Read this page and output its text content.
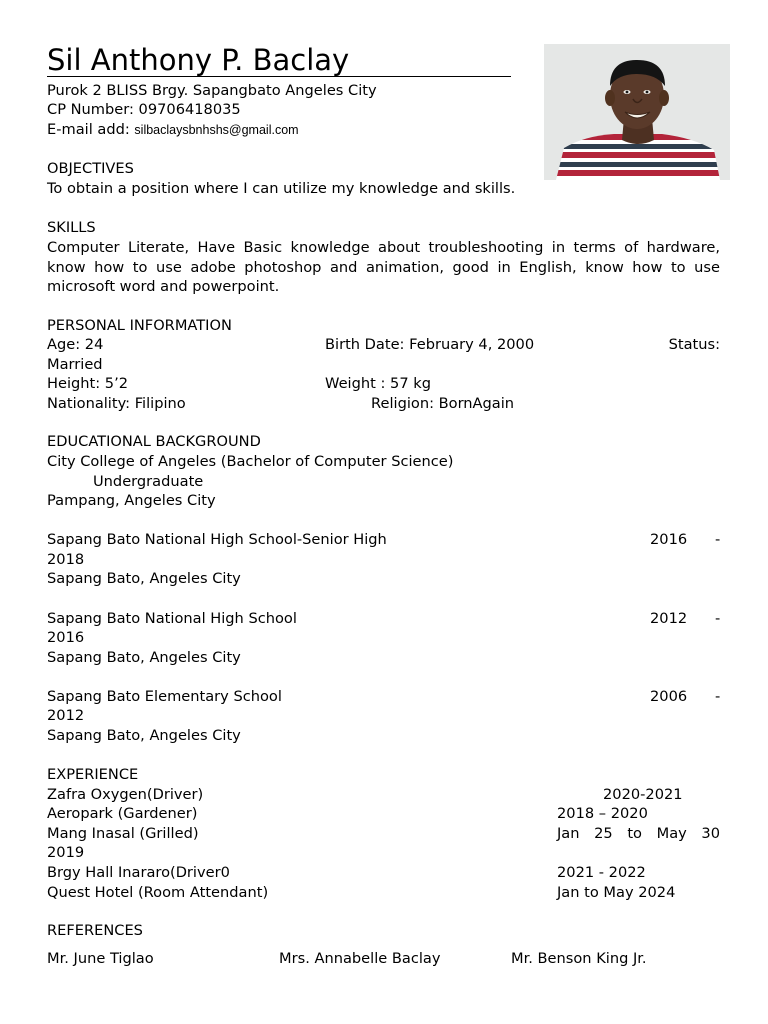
Sil Anthony P. Baclay
Purok 2 BLISS Brgy. Sapangbato Angeles City
CP Number: 09706418035
E-mail add: silbaclaysbnhshs@gmail.com
OBJECTIVES
To obtain a position where I can utilize my knowledge and skills.
SKILLS
Computer Literate, Have Basic knowledge about troubleshooting in terms of hardware, know how to use adobe photoshop and animation, good in English, know how to use microsoft word and powerpoint.
PERSONAL INFORMATION
Age: 24	Birth Date: February 4, 2000	Status:
Married
Height: 5’2	Weight : 57 kg
Nationality: Filipino	Religion: BornAgain
EDUCATIONAL BACKGROUND
City College of Angeles (Bachelor of Computer Science)
Undergraduate
Pampang, Angeles City
Sapang Bato National High School-Senior High	2016 -
2018
Sapang Bato, Angeles City
Sapang Bato National High School	2012 -
2016
Sapang Bato, Angeles City
Sapang Bato Elementary School	2006 -
2012
Sapang Bato, Angeles City
EXPERIENCE
Zafra Oxygen(Driver)	2020-2021
Aeropark (Gardener)	2018 – 2020
Mang Inasal (Grilled)	Jan 25 to May 30
2019
Brgy Hall Inararo(Driver0	2021 - 2022
Quest Hotel (Room Attendant)	Jan to May 2024
REFERENCES
Mr. June Tiglao	Mrs. Annabelle Baclay	Mr. Benson King Jr.
